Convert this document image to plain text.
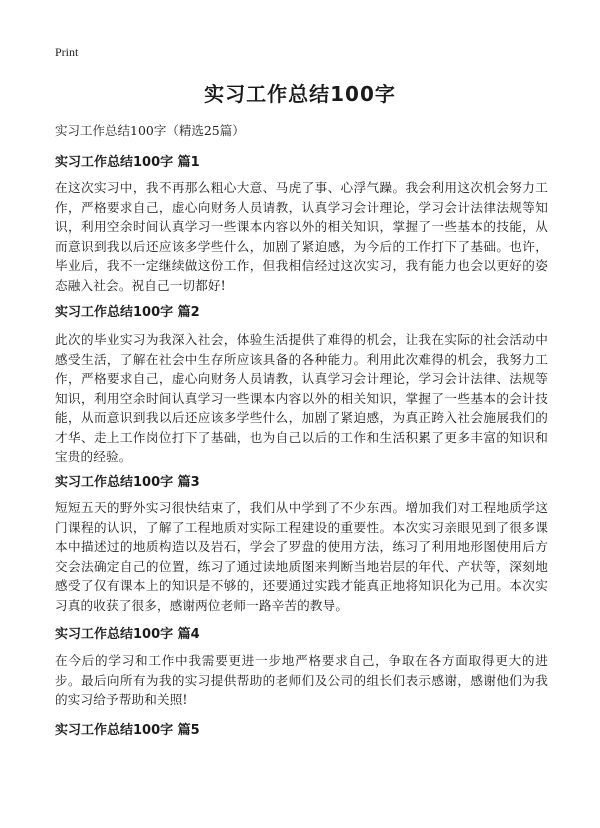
Print
实习工作总结100字
实习工作总结100字（精选25篇）
实习工作总结100字 篇1

在这次实习中，我不再那么粗心大意、马虎了事、心浮气躁。我会利用这次机会努力工作，严格要求自己，虚心向财务人员请教，认真学习会计理论，学习会计法律法规等知识，利用空余时间认真学习一些课本内容以外的相关知识，掌握了一些基本的技能，从而意识到我以后还应该多学些什么，加剧了紧迫感，为今后的工作打下了基础。也许，毕业后，我不一定继续做这份工作，但我相信经过这次实习，我有能力也会以更好的姿态融入社会。祝自己一切都好!

实习工作总结100字 篇2

此次的毕业实习为我深入社会，体验生活提供了难得的机会，让我在实际的社会活动中感受生活，了解在社会中生存所应该具备的各种能力。利用此次难得的机会，我努力工作，严格要求自己，虚心向财务人员请教，认真学习会计理论，学习会计法律、法规等知识，利用空余时间认真学习一些课本内容以外的相关知识，掌握了一些基本的会计技能，从而意识到我以后还应该多学些什么，加剧了紧迫感，为真正跨入社会施展我们的才华、走上工作岗位打下了基础，也为自己以后的工作和生活积累了更多丰富的知识和宝贵的经验。

实习工作总结100字 篇3

短短五天的野外实习很快结束了，我们从中学到了不少东西。增加我们对工程地质学这门课程的认识，了解了工程地质对实际工程建设的重要性。本次实习亲眼见到了很多课本中描述过的地质构造以及岩石，学会了罗盘的使用方法，练习了利用地形图使用后方交会法确定自己的位置，练习了通过读地质图来判断当地岩层的年代、产状等，深刻地感受了仅有课本上的知识是不够的，还要通过实践才能真正地将知识化为己用。本次实习真的收获了很多，感谢两位老师一路辛苦的教导。

实习工作总结100字 篇4

在今后的学习和工作中我需要更进一步地严格要求自己，争取在各方面取得更大的进步。最后向所有为我的实习提供帮助的老师们及公司的组长们表示感谢，感谢他们为我的实习给予帮助和关照!

实习工作总结100字 篇5
